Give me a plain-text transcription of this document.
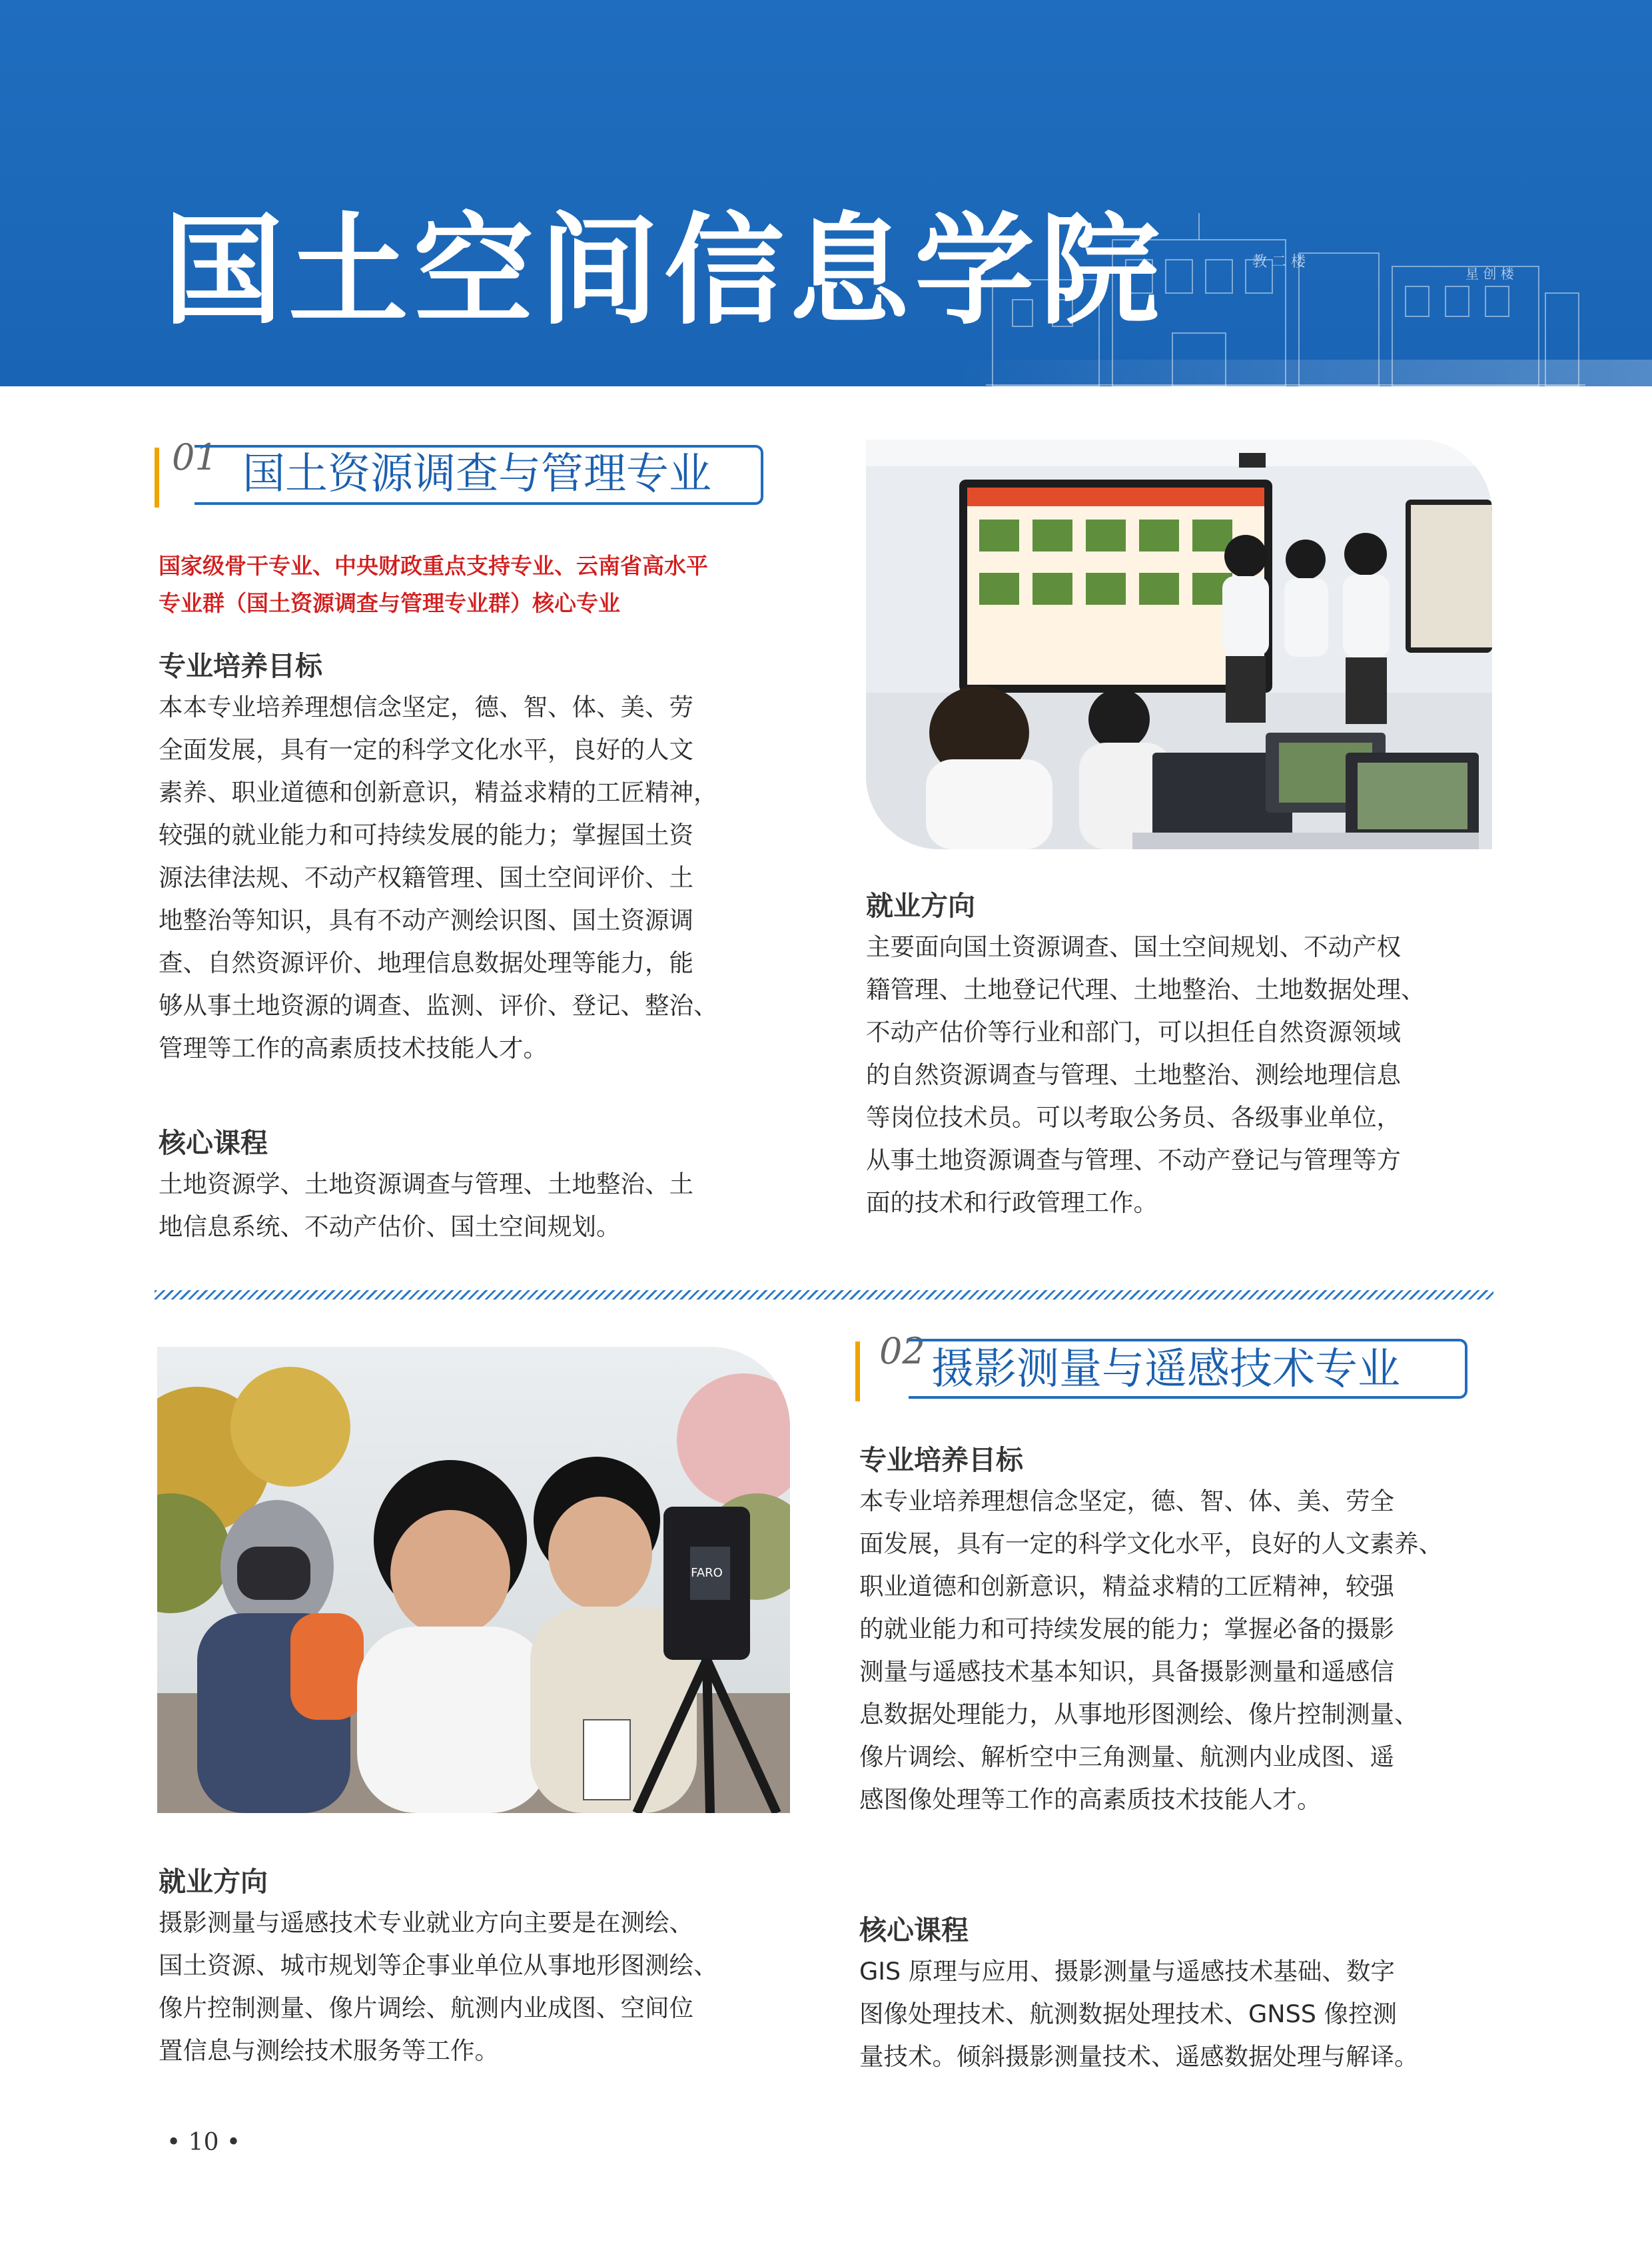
教 二 楼
星 创 楼
国土空间信息学院
01 国土资源调查与管理专业
国家级骨干专业、中央财政重点支持专业、云南省高水平
专业群（国土资源调查与管理专业群）核心专业
专业培养目标
本本专业培养理想信念坚定，德、智、体、美、劳
全面发展，具有一定的科学文化水平，良好的人文
素养、职业道德和创新意识，精益求精的工匠精神，
较强的就业能力和可持续发展的能力；掌握国土资
源法律法规、不动产权籍管理、国土空间评价、土
地整治等知识，具有不动产测绘识图、国土资源调
查、自然资源评价、地理信息数据处理等能力，能
够从事土地资源的调查、监测、评价、登记、整治、
管理等工作的高素质技术技能人才。
核心课程
土地资源学、土地资源调查与管理、土地整治、土
地信息系统、不动产估价、国土空间规划。
就业方向
主要面向国土资源调查、国土空间规划、不动产权
籍管理、土地登记代理、土地整治、土地数据处理、
不动产估价等行业和部门，可以担任自然资源领域
的自然资源调查与管理、土地整治、测绘地理信息
等岗位技术员。可以考取公务员、各级事业单位，
从事土地资源调查与管理、不动产登记与管理等方
面的技术和行政管理工作。
02 摄影测量与遥感技术专业
FARO
专业培养目标
本专业培养理想信念坚定，德、智、体、美、劳全
面发展，具有一定的科学文化水平，良好的人文素养、
职业道德和创新意识，精益求精的工匠精神，较强
的就业能力和可持续发展的能力；掌握必备的摄影
测量与遥感技术基本知识，具备摄影测量和遥感信
息数据处理能力，从事地形图测绘、像片控制测量、
像片调绘、解析空中三角测量、航测内业成图、遥
感图像处理等工作的高素质技术技能人才。
就业方向
摄影测量与遥感技术专业就业方向主要是在测绘、
国土资源、城市规划等企事业单位从事地形图测绘、
像片控制测量、像片调绘、航测内业成图、空间位
置信息与测绘技术服务等工作。
核心课程
GIS 原理与应用、摄影测量与遥感技术基础、数字
图像处理技术、航测数据处理技术、GNSS 像控测
量技术。倾斜摄影测量技术、遥感数据处理与解译。
• 10 •
